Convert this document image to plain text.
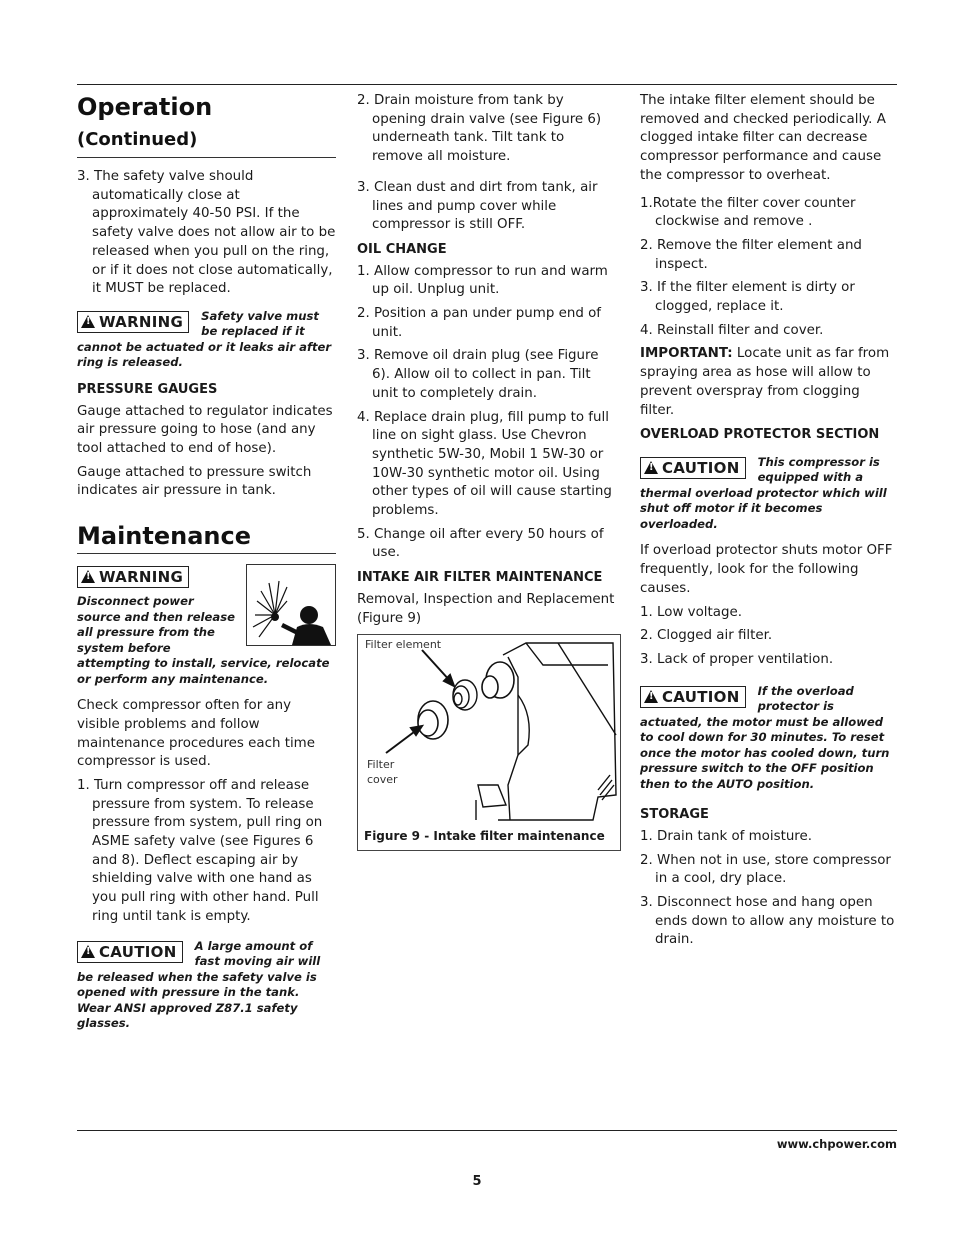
Operation (Continued)
3. The safety valve should automatically close at approximately 40-50 PSI. If the safety valve does not allow air to be released when you pull on the ring, or if it does not close automatically, it MUST be replaced.
!WARNING	Safety valve must be replaced if it cannot be actuated or it leaks air after ring is released.
PRESSURE GAUGES

Gauge attached to regulator indicates air pressure going to hose (and any tool attached to end of hose).

Gauge attached to pressure switch indicates air pressure in tank.

Maintenance
!WARNING
Disconnect power source and then release all pressure from the system before attempting to install, service, relocate or perform any maintenance.

Check compressor often for any visible problems and follow maintenance procedures each time compressor is used.

1. Turn compressor off and release pressure from system. To release pressure from system, pull ring on ASME safety valve (see Figures 6 and 8). Deflect escaping air by shielding valve with one hand as you pull ring with other hand. Pull ring until tank is empty.
!CAUTION	A large amount of fast moving air will be released when the safety valve is opened with pressure in the tank. Wear ANSI approved Z87.1 safety glasses.
2. Drain moisture from tank by opening drain valve (see Figure 6) underneath tank. Tilt tank to remove all moisture.
3. Clean dust and dirt from tank, air lines and pump cover while compressor is still OFF.
OIL CHANGE
1. Allow compressor to run and warm up oil. Unplug unit.
2. Position a pan under pump end of unit.
3. Remove oil drain plug (see Figure 6). Allow oil to collect in pan. Tilt unit to completely drain.
4. Replace drain plug, fill pump to full line on sight glass. Use Chevron synthetic 5W-30, Mobil 1 5W-30 or 10W-30 synthetic motor oil. Using other types of oil will cause starting problems.
5. Change oil after every 50 hours of use.
INTAKE AIR FILTER MAINTENANCE

Removal, Inspection and Replacement (Figure 9)

Filter element
Filter
cover
Figure 9 - Intake filter maintenance

The intake filter element should be removed and checked periodically. A clogged intake filter can decrease compressor performance and cause the compressor to overheat.

1.Rotate the filter cover counter clockwise and remove .
2. Remove the filter element and inspect.
3. If the filter element is dirty or clogged, replace it.
4. Reinstall filter and cover.

IMPORTANT: Locate unit as far from spraying area as hose will allow to prevent overspray from clogging filter.

OVERLOAD PROTECTOR SECTION
!CAUTION	This compressor is equipped with a thermal overload protector which will shut off motor if it becomes overloaded.

If overload protector shuts motor OFF frequently, look for the following causes.

1. Low voltage.
2. Clogged air filter.
3. Lack of proper ventilation.
!CAUTION	If the overload protector is actuated, the motor must be allowed to cool down for 30 minutes. To reset once the motor has cooled down, turn pressure switch to the OFF position then to the AUTO position.
STORAGE
1. Drain tank of moisture.
2. When not in use, store compressor in a cool, dry place.
3. Disconnect hose and hang open ends down to allow any moisture to drain.
www.chpower.com
5
